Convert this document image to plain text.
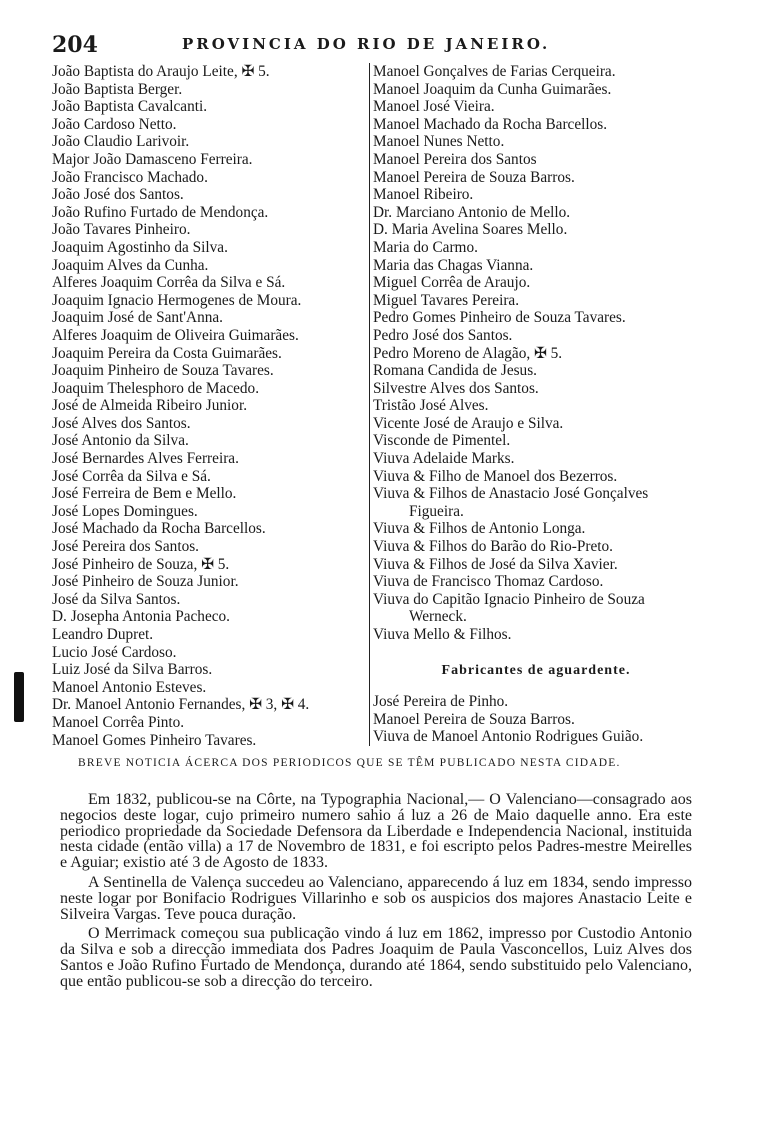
204	PROVINCIA DO RIO DE JANEIRO.
João Baptista do Araujo Leite, ✠ 5.
João Baptista Berger.
João Baptista Cavalcanti.
João Cardoso Netto.
João Claudio Larivoir.
Major João Damasceno Ferreira.
João Francisco Machado.
João José dos Santos.
João Rufino Furtado de Mendonça.
João Tavares Pinheiro.
Joaquim Agostinho da Silva.
Joaquim Alves da Cunha.
Alferes Joaquim Corrêa da Silva e Sá.
Joaquim Ignacio Hermogenes de Moura.
Joaquim José de Sant'Anna.
Alferes Joaquim de Oliveira Guimarães.
Joaquim Pereira da Costa Guimarães.
Joaquim Pinheiro de Souza Tavares.
Joaquim Thelesphoro de Macedo.
José de Almeida Ribeiro Junior.
José Alves dos Santos.
José Antonio da Silva.
José Bernardes Alves Ferreira.
José Corrêa da Silva e Sá.
José Ferreira de Bem e Mello.
José Lopes Domingues.
José Machado da Rocha Barcellos.
José Pereira dos Santos.
José Pinheiro de Souza, ✠ 5.
José Pinheiro de Souza Junior.
José da Silva Santos.
D. Josepha Antonia Pacheco.
Leandro Dupret.
Lucio José Cardoso.
Luiz José da Silva Barros.
Manoel Antonio Esteves.
Dr. Manoel Antonio Fernandes, ✠ 3, ✠ 4.
Manoel Corrêa Pinto.
Manoel Gomes Pinheiro Tavares.
Manoel Gonçalves de Farias Cerqueira.
Manoel Joaquim da Cunha Guimarães.
Manoel José Vieira.
Manoel Machado da Rocha Barcellos.
Manoel Nunes Netto.
Manoel Pereira dos Santos
Manoel Pereira de Souza Barros.
Manoel Ribeiro.
Dr. Marciano Antonio de Mello.
D. Maria Avelina Soares Mello.
Maria do Carmo.
Maria das Chagas Vianna.
Miguel Corrêa de Araujo.
Miguel Tavares Pereira.
Pedro Gomes Pinheiro de Souza Tavares.
Pedro José dos Santos.
Pedro Moreno de Alagão, ✠ 5.
Romana Candida de Jesus.
Silvestre Alves dos Santos.
Tristão José Alves.
Vicente José de Araujo e Silva.
Visconde de Pimentel.
Viuva Adelaide Marks.
Viuva & Filho de Manoel dos Bezerros.
Viuva & Filhos de Anastacio José Gonçalves Figueira.
Viuva & Filhos de Antonio Longa.
Viuva & Filhos do Barão do Rio-Preto.
Viuva & Filhos de José da Silva Xavier.
Viuva de Francisco Thomaz Cardoso.
Viuva do Capitão Ignacio Pinheiro de Souza Werneck.
Viuva Mello & Filhos.
Fabricantes de aguardente.
José Pereira de Pinho.
Manoel Pereira de Souza Barros.
Viuva de Manoel Antonio Rodrigues Guião.
BREVE NOTICIA ÁCERCA DOS PERIODICOS QUE SE TÊM PUBLICADO NESTA CIDADE.

Em 1832, publicou-se na Côrte, na Typographia Nacional,— O Valenciano—consagrado aos negocios deste logar, cujo primeiro numero sahio á luz a 26 de Maio daquelle anno. Era este periodico propriedade da Sociedade Defensora da Liberdade e Independencia Nacional, instituida nesta cidade (então villa) a 17 de Novembro de 1831, e foi escripto pelos Padres-mestre Meirelles e Aguiar; existio até 3 de Agosto de 1833.

A Sentinella de Valença succedeu ao Valenciano, apparecendo á luz em 1834, sendo impresso neste logar por Bonifacio Rodrigues Villarinho e sob os auspicios dos majores Anastacio Leite e Silveira Vargas. Teve pouca duração.

O Merrimack começou sua publicação vindo á luz em 1862, impresso por Custodio Antonio da Silva e sob a direcção immediata dos Padres Joaquim de Paula Vasconcellos, Luiz Alves dos Santos e João Rufino Furtado de Mendonça, durando até 1864, sendo substituido pelo Valenciano, que então publicou-se sob a direcção do terceiro.
